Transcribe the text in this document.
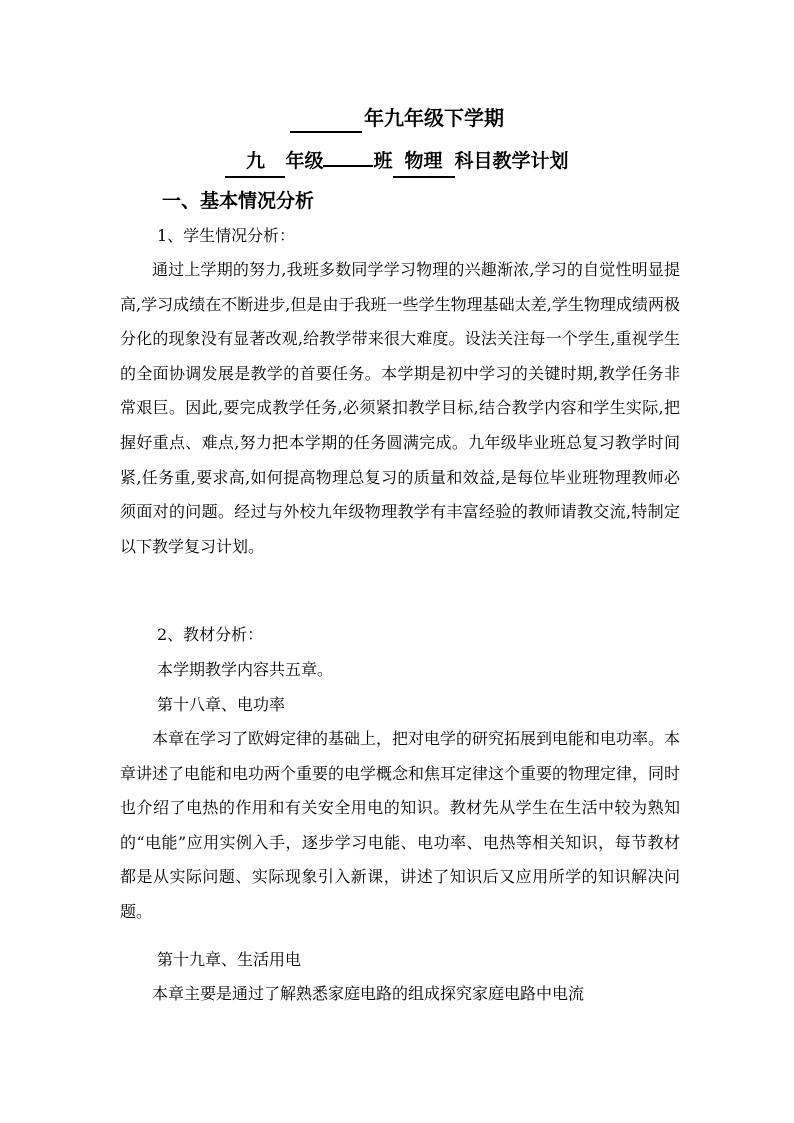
年九年级下学期
九 年级	班 物理 科目教学计划
一、基本情况分析
1、学生情况分析：
通过上学期的努力,我班多数同学学习物理的兴趣渐浓,学习的自觉性明显提高,学习成绩在不断进步,但是由于我班一些学生物理基础太差,学生物理成绩两极分化的现象没有显著改观,给教学带来很大难度。设法关注每一个学生,重视学生的全面协调发展是教学的首要任务。本学期是初中学习的关键时期,教学任务非常艰巨。因此,要完成教学任务,必须紧扣教学目标,结合教学内容和学生实际,把握好重点、难点,努力把本学期的任务圆满完成。九年级毕业班总复习教学时间紧,任务重,要求高,如何提高物理总复习的质量和效益,是每位毕业班物理教师必须面对的问题。经过与外校九年级物理教学有丰富经验的教师请教交流,特制定以下教学复习计划。
2、教材分析：
本学期教学内容共五章。
第十八章、电功率
本章在学习了欧姆定律的基础上，把对电学的研究拓展到电能和电功率。本章讲述了电能和电功两个重要的电学概念和焦耳定律这个重要的物理定律，同时也介绍了电热的作用和有关安全用电的知识。教材先从学生在生活中较为熟知的“电能”应用实例入手，逐步学习电能、电功率、电热等相关知识，每节教材都是从实际问题、实际现象引入新课，讲述了知识后又应用所学的知识解决问题。
第十九章、生活用电
本章主要是通过了解熟悉家庭电路的组成探究家庭电路中电流
